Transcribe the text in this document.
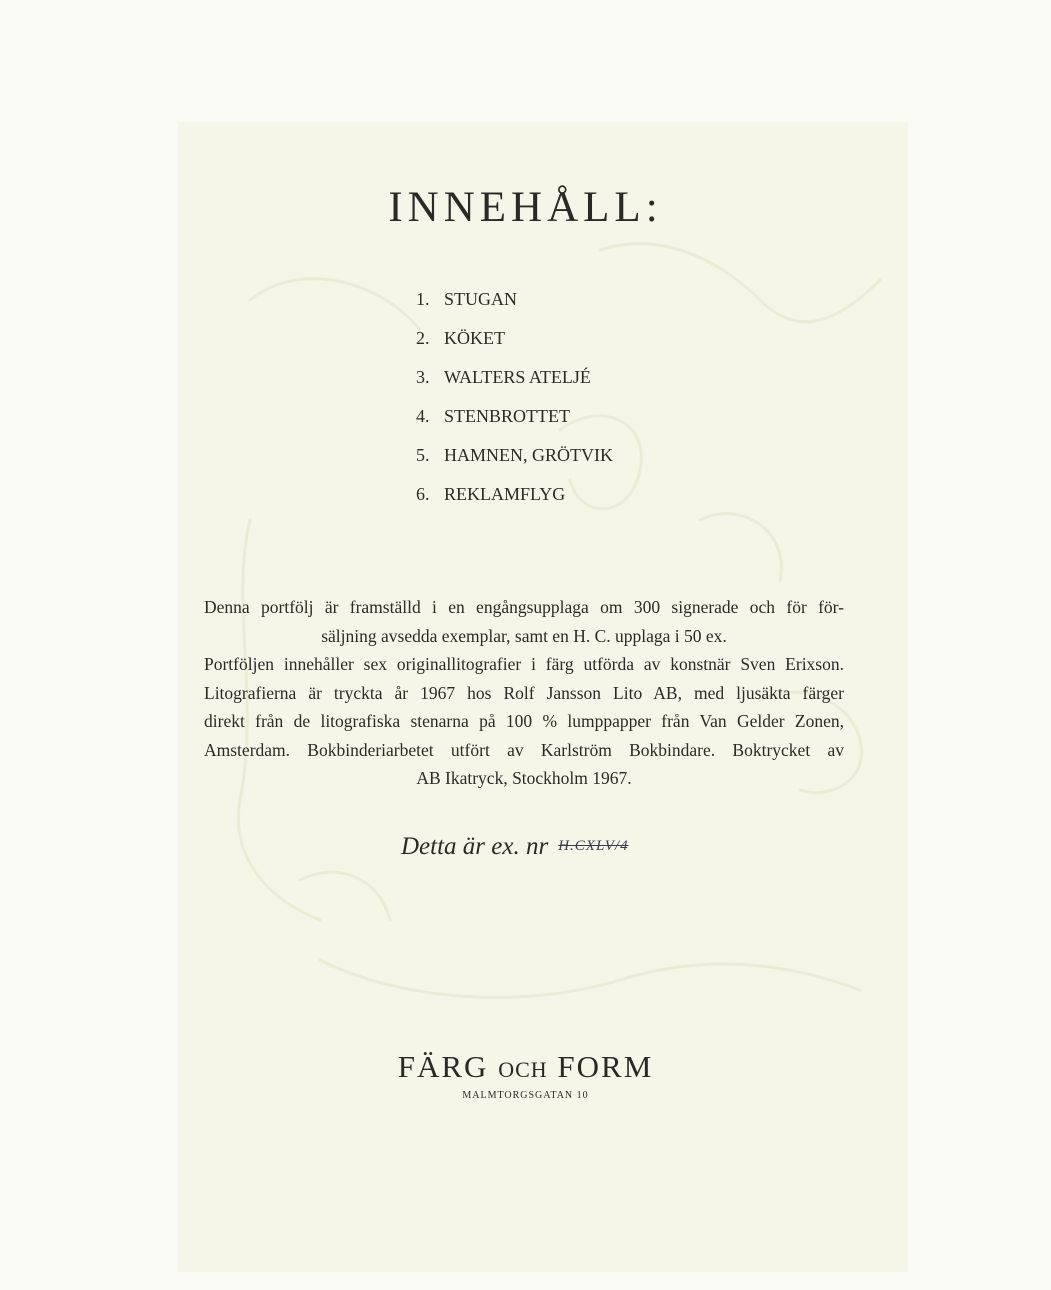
INNEHÅLL:
1. STUGAN
2. KÖKET
3. WALTERS ATELJÉ
4. STENBROTTET
5. HAMNEN, GRÖTVIK
6. REKLAMFLYG
Denna portfölj är framställd i en engångsupplaga om 300 signerade och för för-
säljning avsedda exemplar, samt en H. C. upplaga i 50 ex.
Portföljen innehåller sex originallitografier i färg utförda av konstnär Sven Erixson.
Litografierna är tryckta år 1967 hos Rolf Jansson Lito AB, med ljusäkta färger
direkt från de litografiska stenarna på 100 % lumppapper från Van Gelder Zonen,
Amsterdam. Bokbinderiarbetet utfört av Karlström Bokbindare. Boktrycket av
AB Ikatryck, Stockholm 1967.
Detta är ex. nr H.CXLV/4
FÄRG OCH FORM
MALMTORGSGATAN 10
